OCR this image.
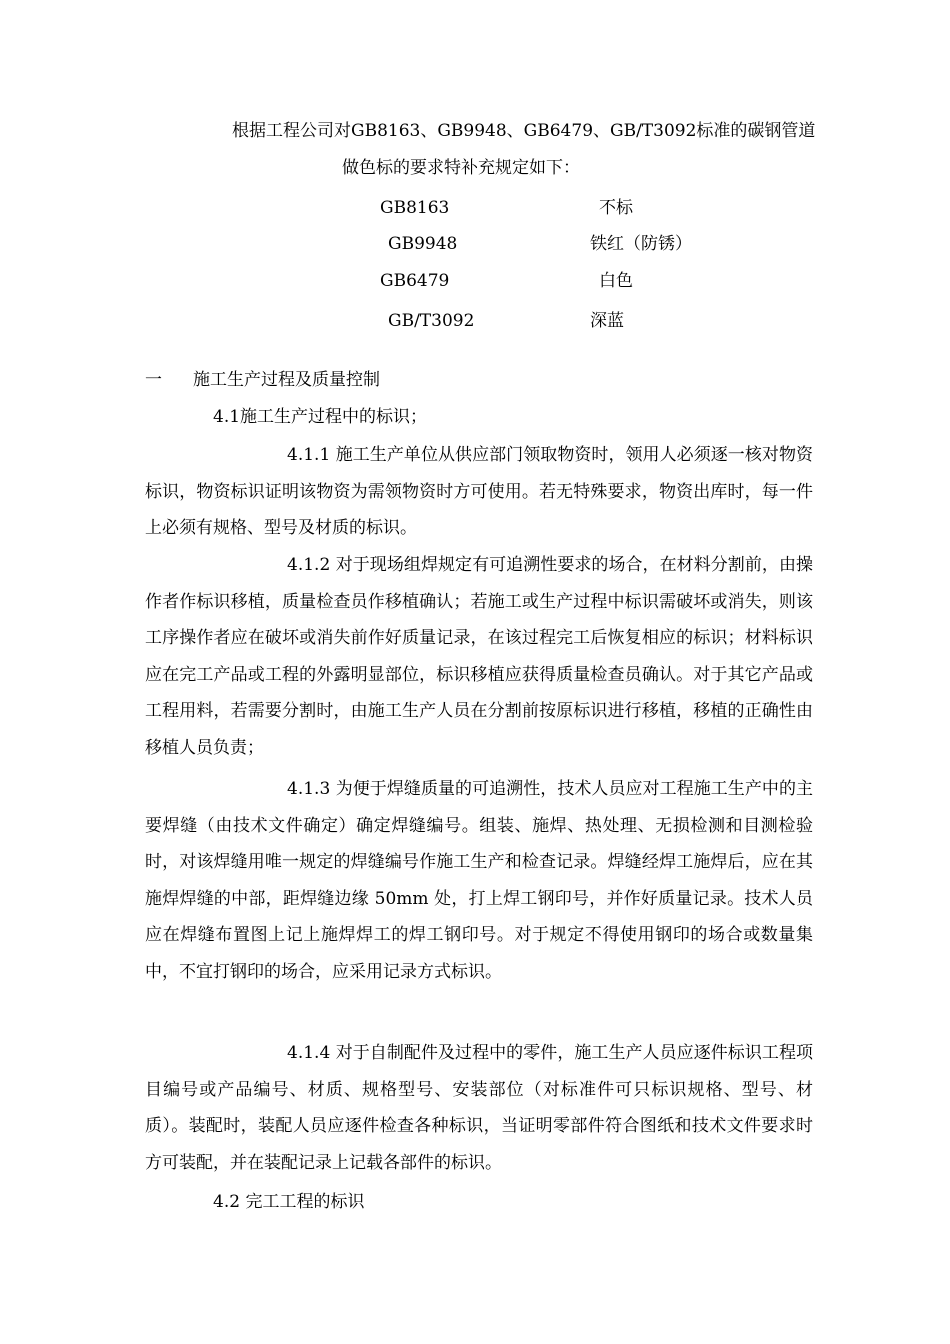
根据工程公司对GB8163、GB9948、GB6479、GB/T3092标准的碳钢管道
做色标的要求特补充规定如下：
GB8163	不标
GB9948	铁红（防锈）
GB6479	白色
GB/T3092	深蓝
一 施工生产过程及质量控制
4.1施工生产过程中的标识；
4.1.1 施工生产单位从供应部门领取物资时，领用人必须逐一核对物资标识，物资标识证明该物资为需领物资时方可使用。若无特殊要求，物资出库时，每一件上必须有规格、型号及材质的标识。
4.1.2 对于现场组焊规定有可追溯性要求的场合，在材料分割前，由操作者作标识移植，质量检查员作移植确认；若施工或生产过程中标识需破坏或消失，则该工序操作者应在破坏或消失前作好质量记录，在该过程完工后恢复相应的标识；材料标识应在完工产品或工程的外露明显部位，标识移植应获得质量检查员确认。对于其它产品或工程用料，若需要分割时，由施工生产人员在分割前按原标识进行移植，移植的正确性由移植人员负责；
4.1.3 为便于焊缝质量的可追溯性，技术人员应对工程施工生产中的主要焊缝（由技术文件确定）确定焊缝编号。组装、施焊、热处理、无损检测和目测检验时，对该焊缝用唯一规定的焊缝编号作施工生产和检查记录。焊缝经焊工施焊后，应在其施焊焊缝的中部，距焊缝边缘 50mm 处，打上焊工钢印号，并作好质量记录。技术人员应在焊缝布置图上记上施焊焊工的焊工钢印号。对于规定不得使用钢印的场合或数量集中，不宜打钢印的场合，应采用记录方式标识。
4.1.4 对于自制配件及过程中的零件，施工生产人员应逐件标识工程项目编号或产品编号、材质、规格型号、安装部位（对标准件可只标识规格、型号、材质）。装配时，装配人员应逐件检查各种标识，当证明零部件符合图纸和技术文件要求时方可装配，并在装配记录上记载各部件的标识。
4.2 完工工程的标识
